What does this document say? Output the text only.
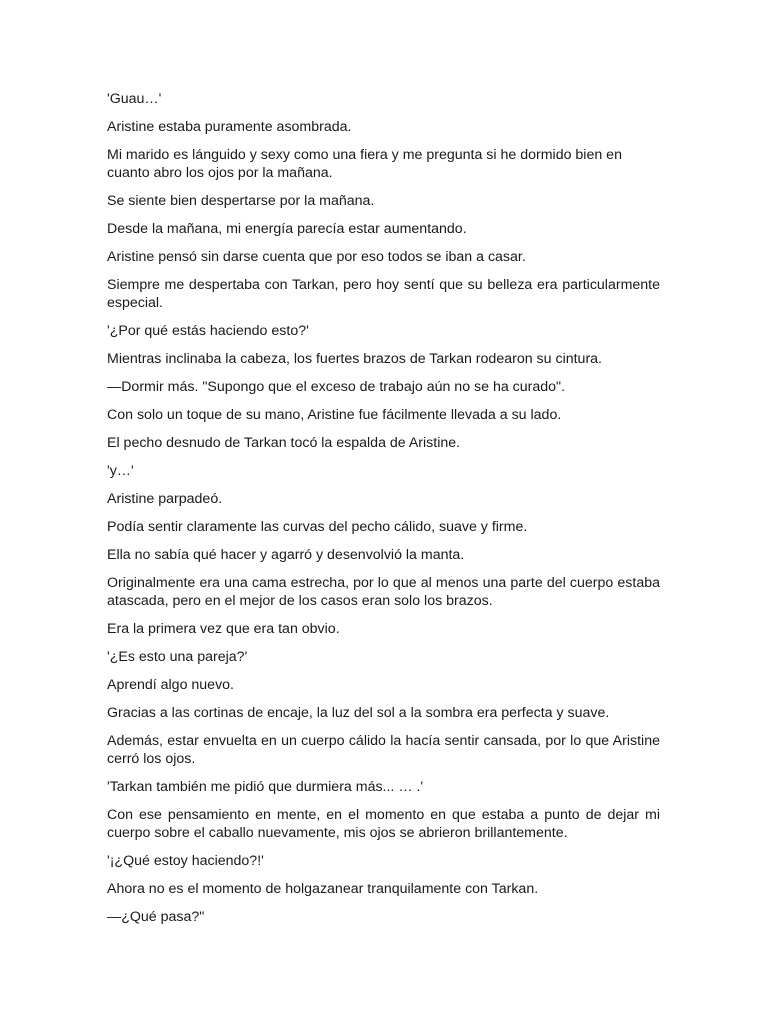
'Guau…'

Aristine estaba puramente asombrada.

Mi marido es lánguido y sexy como una fiera y me pregunta si he dormido bien en cuanto abro los ojos por la mañana.

Se siente bien despertarse por la mañana.

Desde la mañana, mi energía parecía estar aumentando.

Aristine pensó sin darse cuenta que por eso todos se iban a casar.

Siempre me despertaba con Tarkan, pero hoy sentí que su belleza era particularmente especial.

'¿Por qué estás haciendo esto?'

Mientras inclinaba la cabeza, los fuertes brazos de Tarkan rodearon su cintura.

—Dormir más. "Supongo que el exceso de trabajo aún no se ha curado".

Con solo un toque de su mano, Aristine fue fácilmente llevada a su lado.

El pecho desnudo de Tarkan tocó la espalda de Aristine.

'y…'

Aristine parpadeó.

Podía sentir claramente las curvas del pecho cálido, suave y firme.

Ella no sabía qué hacer y agarró y desenvolvió la manta.

Originalmente era una cama estrecha, por lo que al menos una parte del cuerpo estaba atascada, pero en el mejor de los casos eran solo los brazos.

Era la primera vez que era tan obvio.

'¿Es esto una pareja?'

Aprendí algo nuevo.

Gracias a las cortinas de encaje, la luz del sol a la sombra era perfecta y suave.

Además, estar envuelta en un cuerpo cálido la hacía sentir cansada, por lo que Aristine cerró los ojos.

'Tarkan también me pidió que durmiera más... … .'

Con ese pensamiento en mente, en el momento en que estaba a punto de dejar mi cuerpo sobre el caballo nuevamente, mis ojos se abrieron brillantemente.

'¡¿Qué estoy haciendo?!'

Ahora no es el momento de holgazanear tranquilamente con Tarkan.

—¿Qué pasa?"
